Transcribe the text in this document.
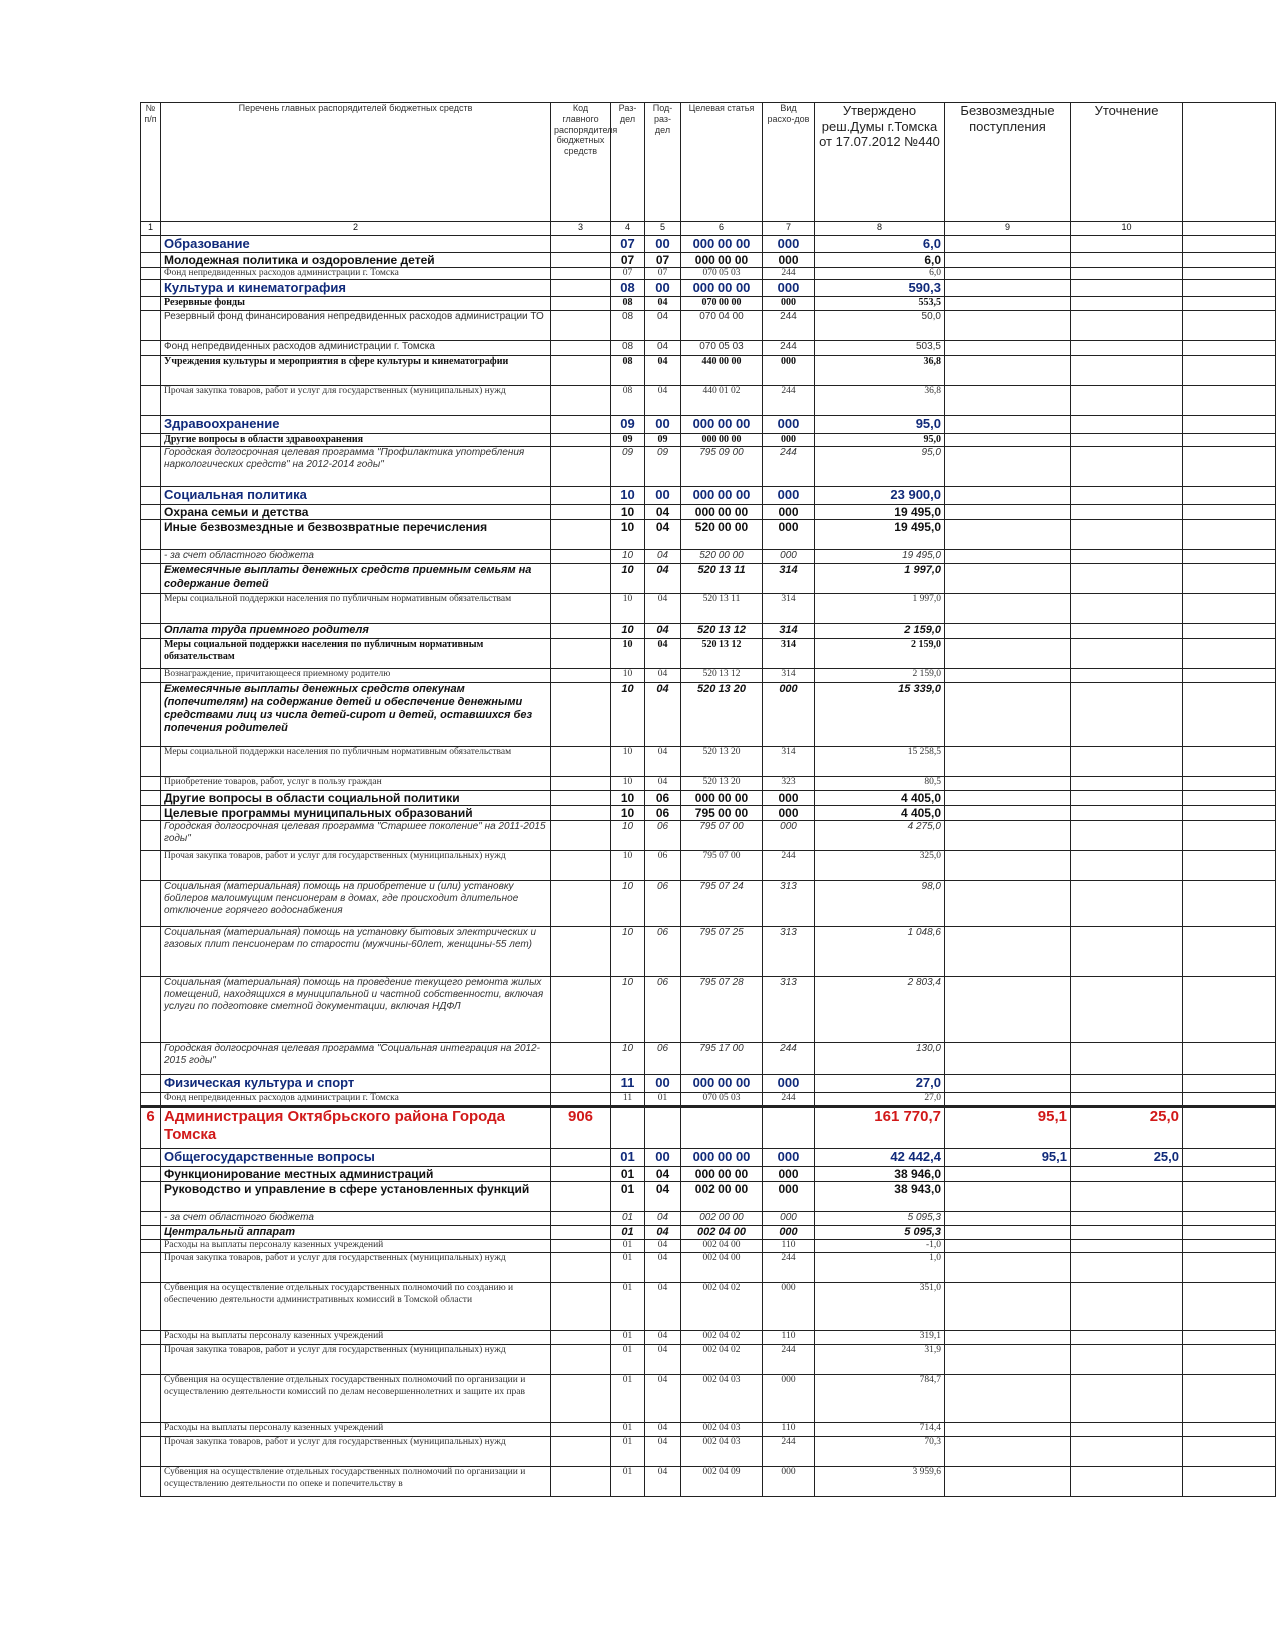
№ п/п	Перечень главных распорядителей бюджетных средств	Код главного распорядителя бюджетных средств	Раз-дел	Под-раз-дел	Целевая статья	Вид расхо-дов	Утверждено реш.Думы г.Томска от 17.07.2012 №440	Безвозмездные поступления	Уточнение	
1	2	3	4	5	6	7	8	9	10	
	Образование		07	00	000 00 00	000	6,0			
	Молодежная политика и оздоровление детей		07	07	000 00 00	000	6,0			
	Фонд непредвиденных расходов администрации г. Томска		07	07	070 05 03	244	6,0			
	Культура и кинематография		08	00	000 00 00	000	590,3			
	Резервные фонды		08	04	070 00 00	000	553,5			
	Резервный фонд финансирования непредвиденных расходов администрации ТО		08	04	070 04 00	244	50,0			
	Фонд непредвиденных расходов администрации г. Томска		08	04	070 05 03	244	503,5			
	Учреждения культуры и мероприятия в сфере культуры и кинематографии		08	04	440 00 00	000	36,8			
	Прочая закупка товаров, работ и услуг для государственных (муниципальных) нужд		08	04	440 01 02	244	36,8			
	Здравоохранение		09	00	000 00 00	000	95,0			
	Другие вопросы в области здравоохранения		09	09	000 00 00	000	95,0			
	Городская долгосрочная целевая программа "Профилактика употребления наркологических средств" на 2012-2014 годы"		09	09	795 09 00	244	95,0			
	Социальная политика		10	00	000 00 00	000	23 900,0			
	Охрана семьи и детства		10	04	000 00 00	000	19 495,0			
	Иные безвозмездные и безвозвратные перечисления		10	04	520 00 00	000	19 495,0			
	- за счет областного бюджета		10	04	520 00 00	000	19 495,0			
	Ежемесячные выплаты денежных средств приемным семьям на содержание детей		10	04	520 13 11	314	1 997,0			
	Меры социальной поддержки населения по публичным нормативным обязательствам		10	04	520 13 11	314	1 997,0			
	Оплата труда приемного родителя		10	04	520 13 12	314	2 159,0			
	Меры социальной поддержки населения по публичным нормативным обязательствам		10	04	520 13 12	314	2 159,0			
	Вознаграждение, причитающееся приемному родителю		10	04	520 13 12	314	2 159,0			
	Ежемесячные выплаты денежных средств опекунам (попечителям) на содержание детей и обеспечение денежными средствами лиц из числа детей-сирот и детей, оставшихся без попечения родителей		10	04	520 13 20	000	15 339,0			
	Меры социальной поддержки населения по публичным нормативным обязательствам		10	04	520 13 20	314	15 258,5			
	Приобретение товаров, работ, услуг в пользу граждан		10	04	520 13 20	323	80,5			
	Другие вопросы в области социальной политики		10	06	000 00 00	000	4 405,0			
	Целевые программы муниципальных образований		10	06	795 00 00	000	4 405,0			
	Городская долгосрочная целевая программа "Старшее поколение" на 2011-2015 годы"		10	06	795 07 00	000	4 275,0			
	Прочая закупка товаров, работ и услуг для государственных (муниципальных) нужд		10	06	795 07 00	244	325,0			
	Социальная (материальная) помощь на приобретение и (или) установку бойлеров малоимущим пенсионерам в домах, где происходит длительное отключение горячего водоснабжения		10	06	795 07 24	313	98,0			
	Социальная (материальная) помощь на установку бытовых электрических и газовых плит пенсионерам по старости (мужчины-60лет, женщины-55 лет)		10	06	795 07 25	313	1 048,6			
	Социальная (материальная) помощь на проведение текущего ремонта жилых помещений, находящихся в муниципальной и частной собственности, включая услуги по подготовке сметной документации, включая НДФЛ		10	06	795 07 28	313	2 803,4			
	Городская долгосрочная целевая программа "Социальная интеграция на 2012-2015 годы"		10	06	795 17 00	244	130,0			
	Физическая культура и спорт		11	00	000 00 00	000	27,0			
	Фонд непредвиденных расходов администрации г. Томска		11	01	070 05 03	244	27,0			
6	Администрация Октябрьского района Города Томска	906					161 770,7	95,1	25,0	
	Общегосударственные вопросы		01	00	000 00 00	000	42 442,4	95,1	25,0	
	Функционирование местных администраций		01	04	000 00 00	000	38 946,0			
	Руководство и управление в сфере установленных функций		01	04	002 00 00	000	38 943,0			
	- за счет областного бюджета		01	04	002 00 00	000	5 095,3			
	Центральный аппарат		01	04	002 04 00	000	5 095,3			
	Расходы на выплаты персоналу казенных учреждений		01	04	002 04 00	110	-1,0			
	Прочая закупка товаров, работ и услуг для государственных (муниципальных) нужд		01	04	002 04 00	244	1,0			
	Субвенция на осуществление отдельных государственных полномочий по созданию и обеспечению деятельности административных комиссий в Томской области		01	04	002 04 02	000	351,0			
	Расходы на выплаты персоналу казенных учреждений		01	04	002 04 02	110	319,1			
	Прочая закупка товаров, работ и услуг для государственных (муниципальных) нужд		01	04	002 04 02	244	31,9			
	Субвенция на осуществление отдельных государственных полномочий по организации и осуществлению деятельности комиссий по делам несовершеннолетних и защите их прав		01	04	002 04 03	000	784,7			
	Расходы на выплаты персоналу казенных учреждений		01	04	002 04 03	110	714,4			
	Прочая закупка товаров, работ и услуг для государственных (муниципальных) нужд		01	04	002 04 03	244	70,3			
	Субвенция на осуществление отдельных государственных полномочий по организации и осуществлению деятельности по опеке и попечительству в		01	04	002 04 09	000	3 959,6			
